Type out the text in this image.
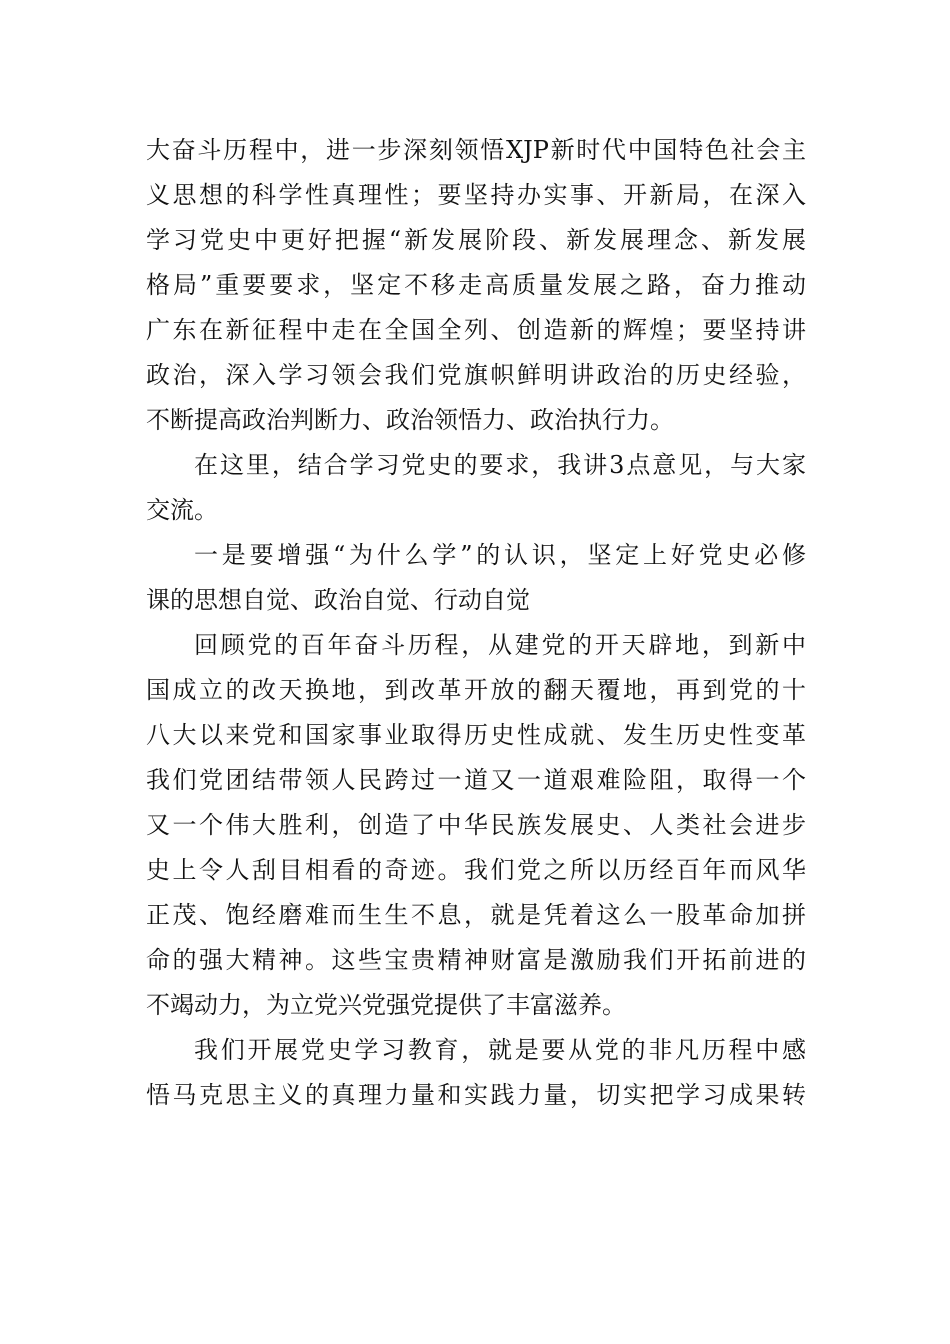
大奋斗历程中，进一步深刻领悟XJP新时代中国特色社会主
义思想的科学性真理性；要坚持办实事、开新局，在深入
学习党史中更好把握“新发展阶段、新发展理念、新发展
格局”重要要求，坚定不移走高质量发展之路，奋力推动
广东在新征程中走在全国全列、创造新的辉煌；要坚持讲
政治，深入学习领会我们党旗帜鲜明讲政治的历史经验，
不断提高政治判断力、政治领悟力、政治执行力。
在这里，结合学习党史的要求，我讲3点意见，与大家
交流。
一是要增强“为什么学”的认识，坚定上好党史必修
课的思想自觉、政治自觉、行动自觉
回顾党的百年奋斗历程，从建党的开天辟地，到新中
国成立的改天换地，到改革开放的翻天覆地，再到党的十
八大以来党和国家事业取得历史性成就、发生历史性变革
我们党团结带领人民跨过一道又一道艰难险阻，取得一个
又一个伟大胜利，创造了中华民族发展史、人类社会进步
史上令人刮目相看的奇迹。我们党之所以历经百年而风华
正茂、饱经磨难而生生不息，就是凭着这么一股革命加拼
命的强大精神。这些宝贵精神财富是激励我们开拓前进的
不竭动力，为立党兴党强党提供了丰富滋养。
我们开展党史学习教育，就是要从党的非凡历程中感
悟马克思主义的真理力量和实践力量，切实把学习成果转
